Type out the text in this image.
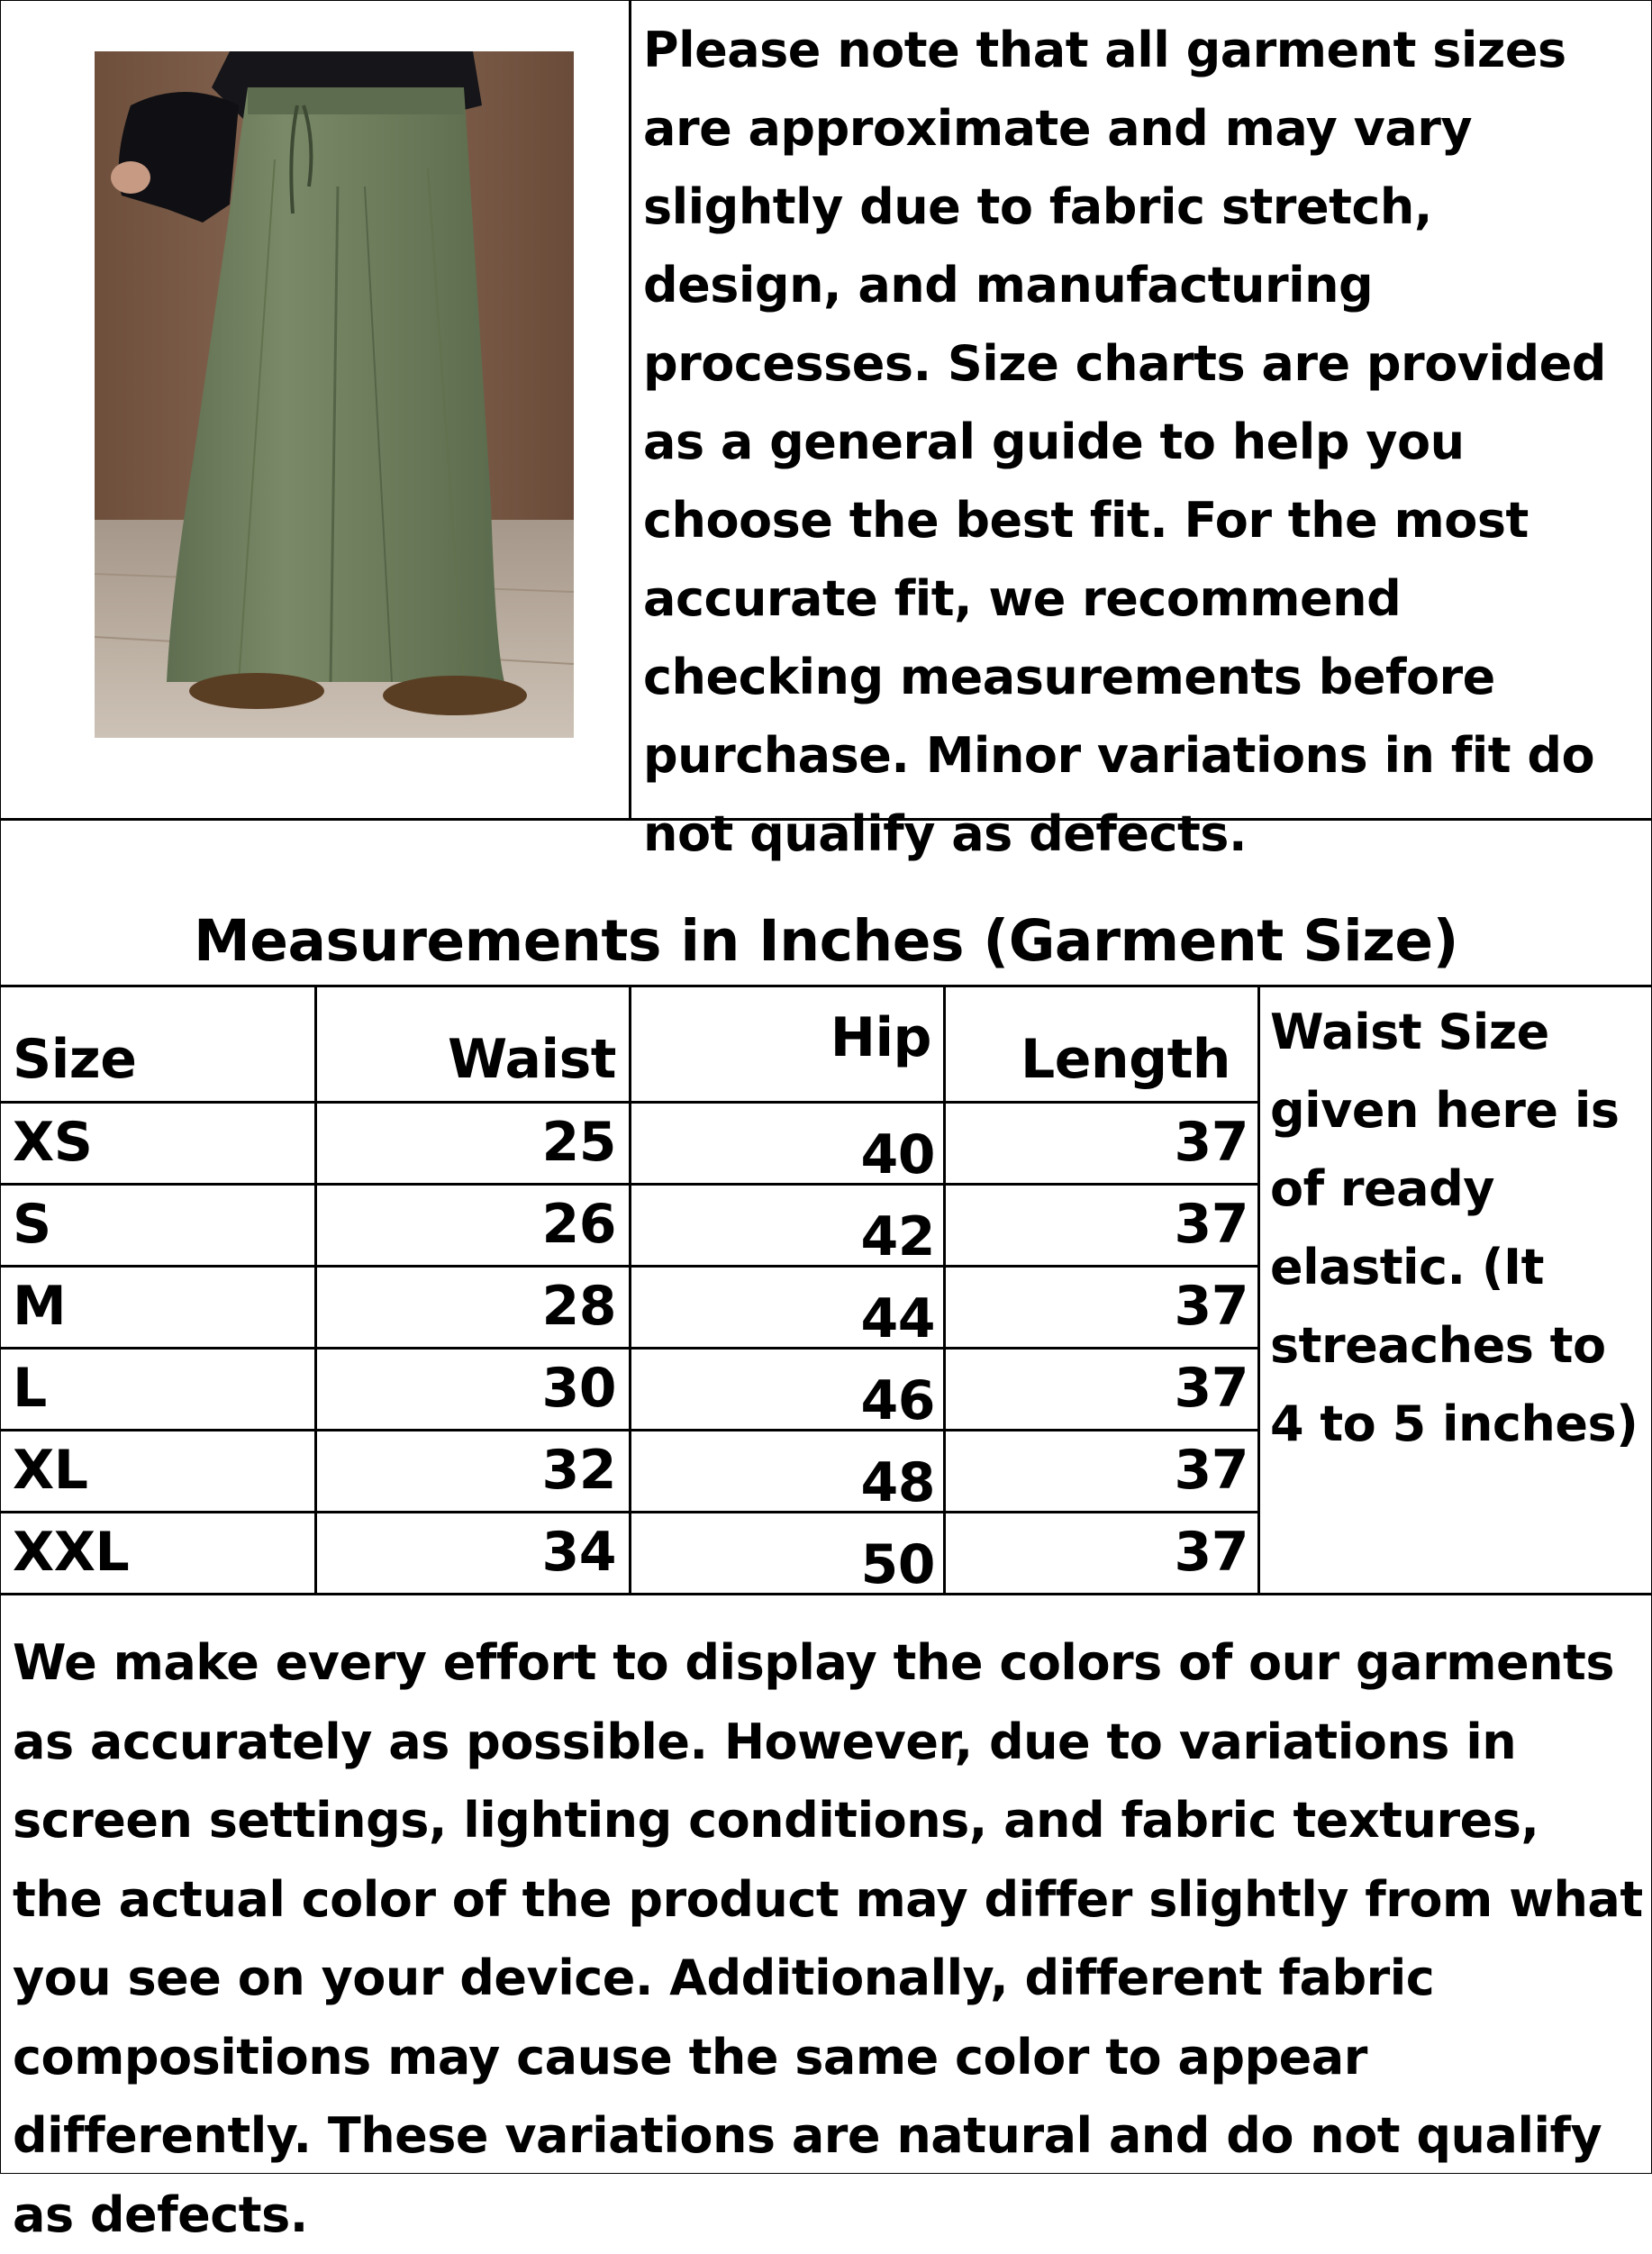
Please note that all garment sizes are approximate and may vary slightly due to fabric stretch, design, and manufacturing processes. Size charts are provided as a general guide to help you choose the best fit. For the most accurate fit, we recommend checking measurements before purchase. Minor variations in fit do not qualify as defects.
Measurements in Inches (Garment Size)
Size	Waist	Hip	Length
XS	25	40	37
S	26	42	37
M	28	44	37
L	30	46	37
XL	32	48	37
XXL	34	50	37
Waist Size given here is of ready elastic. (It streaches to 4 to 5 inches)
We make every effort to display the colors of our garments as accurately as possible. However, due to variations in screen settings, lighting conditions, and fabric textures, the actual color of the product may differ slightly from what you see on your device. Additionally, different fabric compositions may cause the same color to appear differently. These variations are natural and do not qualify as defects.
